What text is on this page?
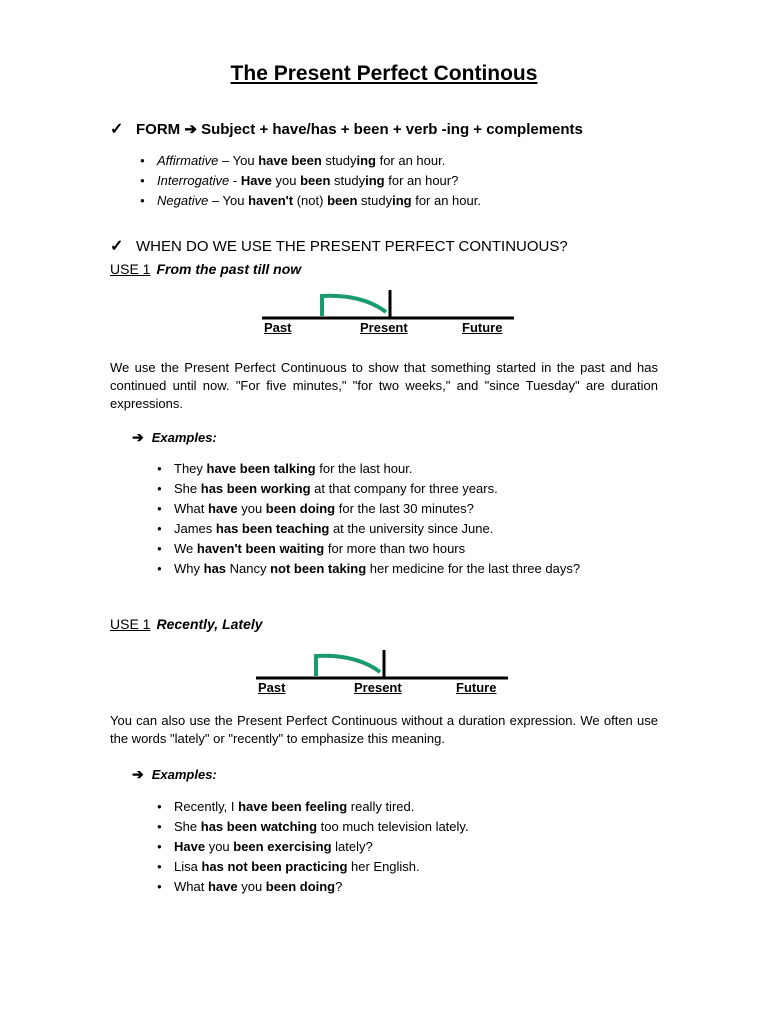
The Present Perfect Continous
✓ FORM ➔ Subject + have/has + been + verb -ing + complements
● Affirmative – You have been studying for an hour.
● Interrogative - Have you been studying for an hour?
● Negative – You haven't (not) been studying for an hour.
✓ WHEN DO WE USE THE PRESENT PERFECT CONTINUOUS?
USE 1 From the past till now
Past	Present	Future
We use the Present Perfect Continuous to show that something started in the past and has continued until now. "For five minutes," "for two weeks," and "since Tuesday" are duration expressions.
➔ Examples:
● They have been talking for the last hour.
● She has been working at that company for three years.
● What have you been doing for the last 30 minutes?
● James has been teaching at the university since June.
● We haven't been waiting for more than two hours
● Why has Nancy not been taking her medicine for the last three days?
USE 1 Recently, Lately
Past	Present	Future
You can also use the Present Perfect Continuous without a duration expression. We often use the words "lately" or "recently" to emphasize this meaning.
➔ Examples:
● Recently, I have been feeling really tired.
● She has been watching too much television lately.
● Have you been exercising lately?
● Lisa has not been practicing her English.
● What have you been doing?
